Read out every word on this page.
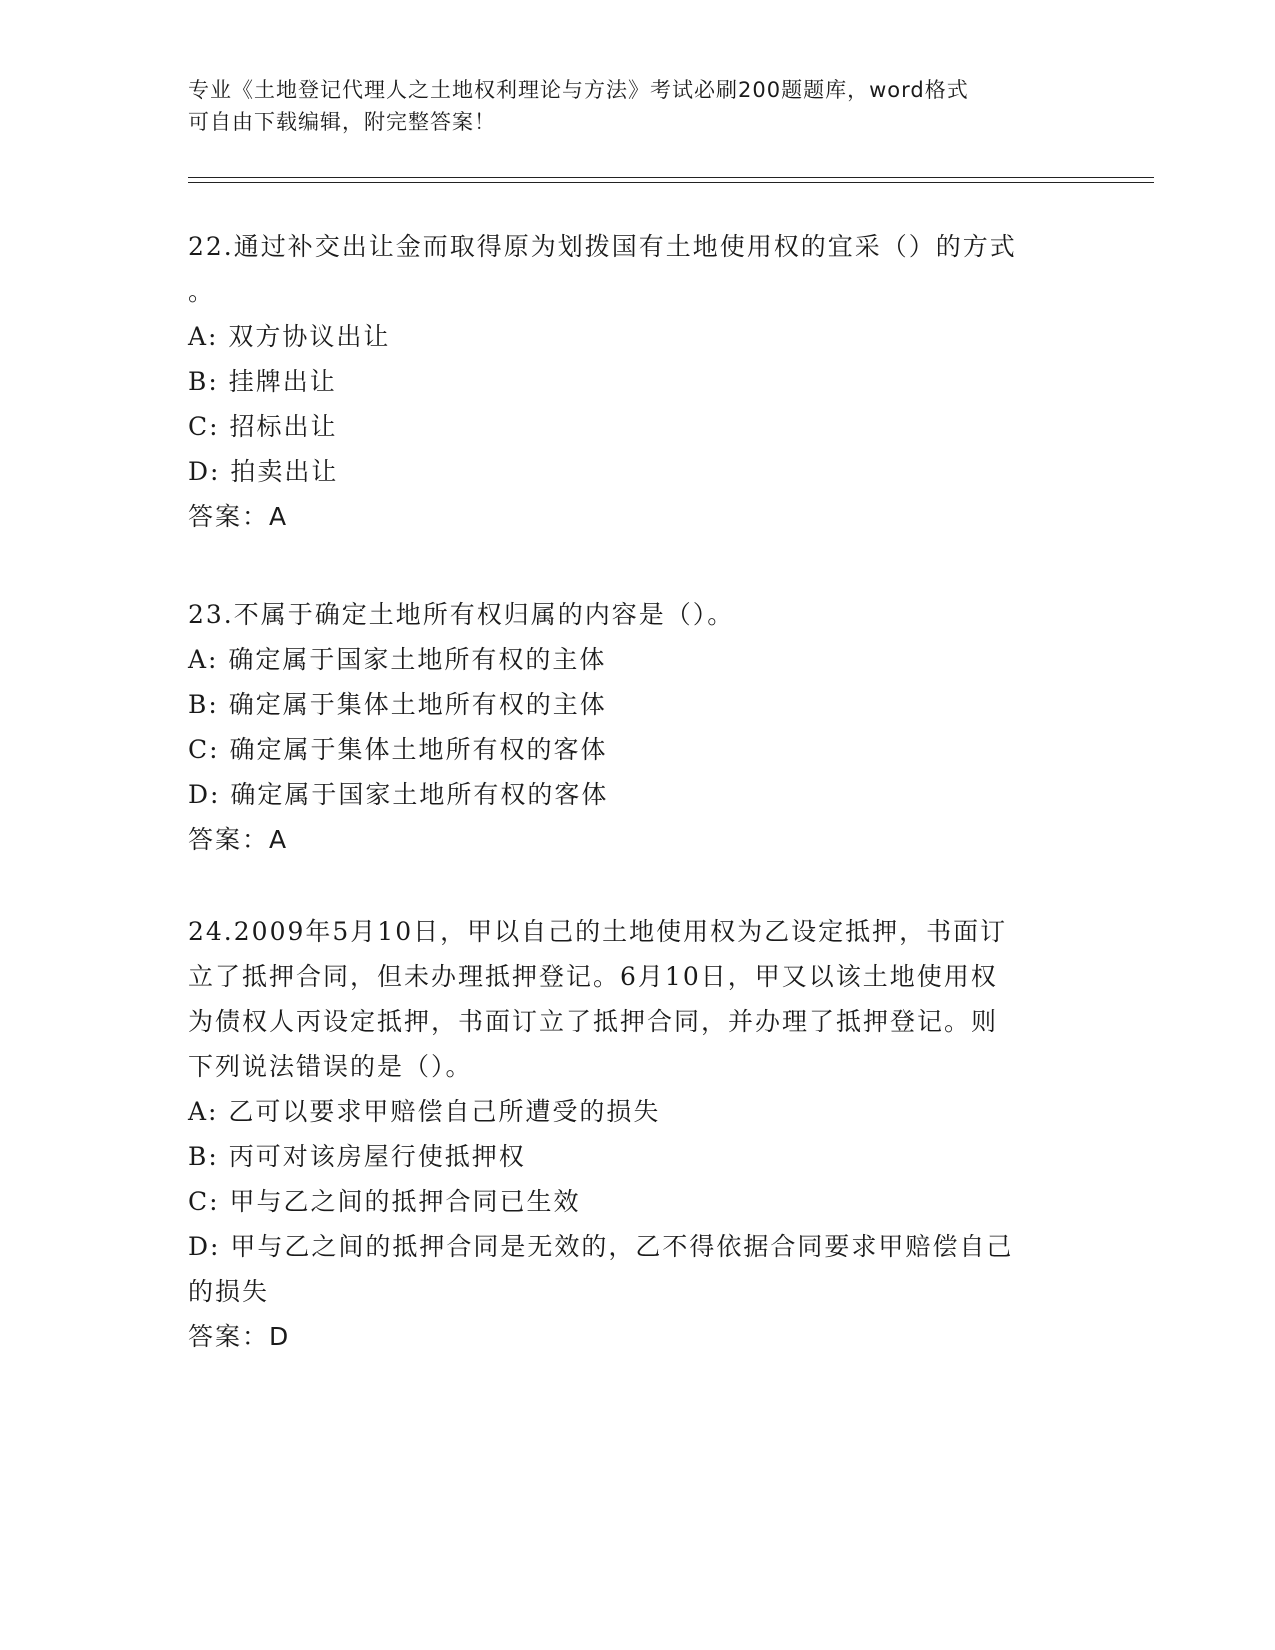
专业《土地登记代理人之土地权利理论与方法》考试必刷200题题库，word格式
可自由下载编辑，附完整答案！
22.通过补交出让金而取得原为划拨国有土地使用权的宜采（）的方式
。
A: 双方协议出让
B: 挂牌出让
C: 招标出让
D: 拍卖出让
答案：A
23.不属于确定土地所有权归属的内容是（）。
A: 确定属于国家土地所有权的主体
B: 确定属于集体土地所有权的主体
C: 确定属于集体土地所有权的客体
D: 确定属于国家土地所有权的客体
答案：A
24.2009年5月10日，甲以自己的土地使用权为乙设定抵押，书面订
立了抵押合同，但未办理抵押登记。6月10日，甲又以该土地使用权
为债权人丙设定抵押，书面订立了抵押合同，并办理了抵押登记。则
下列说法错误的是（）。
A: 乙可以要求甲赔偿自己所遭受的损失
B: 丙可对该房屋行使抵押权
C: 甲与乙之间的抵押合同已生效
D: 甲与乙之间的抵押合同是无效的，乙不得依据合同要求甲赔偿自己
的损失
答案：D
